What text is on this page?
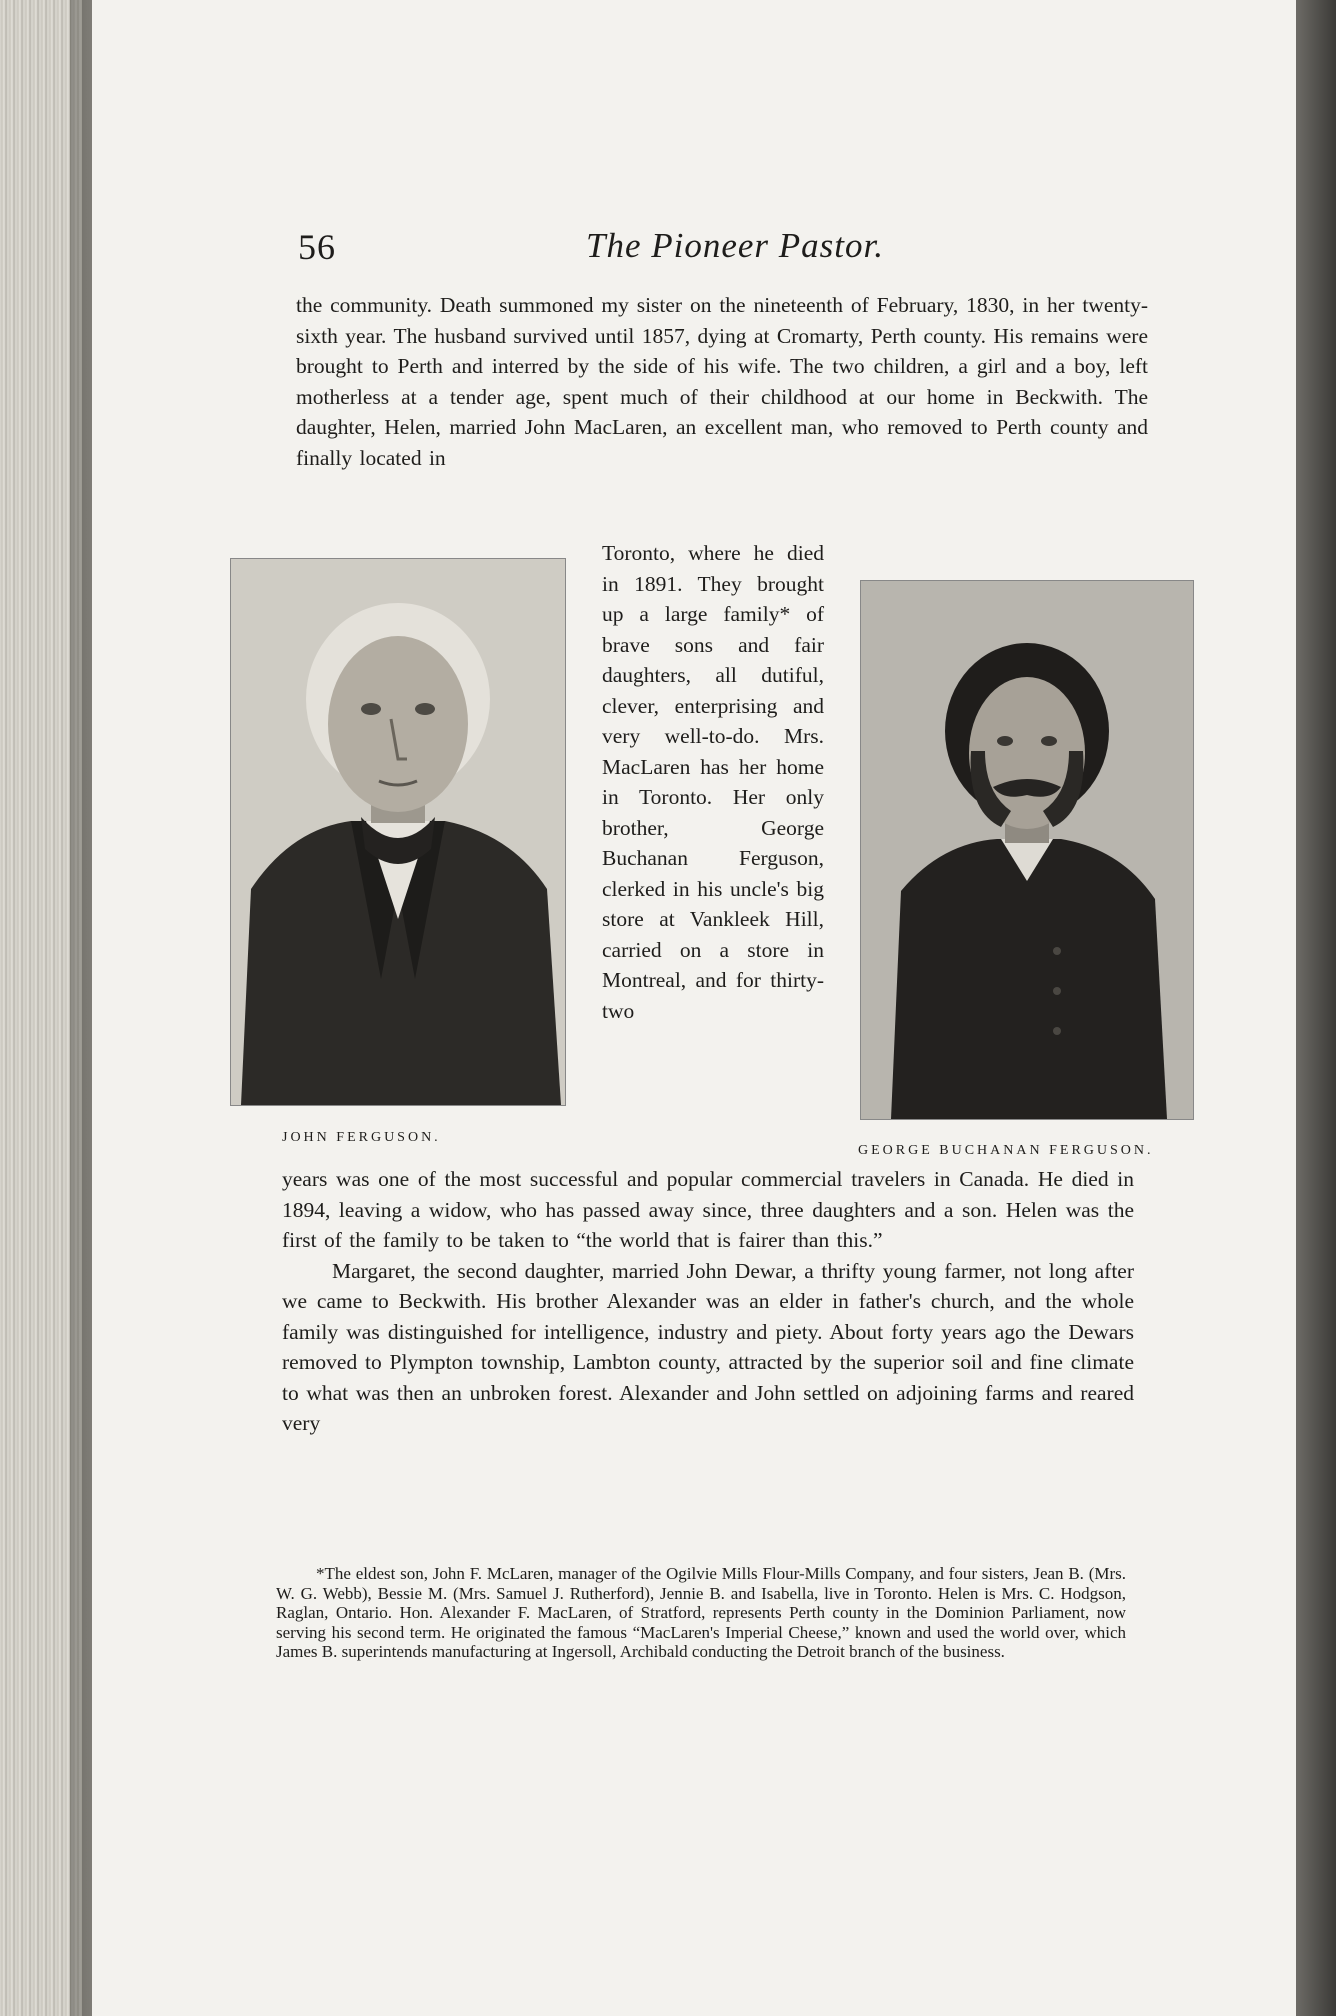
56	The Pioneer Pastor.

the community. Death summoned my sister on the nineteenth of February, 1830, in her twenty-sixth year. The husband survived until 1857, dying at Cromarty, Perth county. His remains were brought to Perth and interred by the side of his wife. The two children, a girl and a boy, left motherless at a tender age, spent much of their childhood at our home in Beckwith. The daughter, Helen, married John MacLaren, an excellent man, who removed to Perth county and finally located in

Toronto, where he died in 1891. They brought up a large family* of brave sons and fair daughters, all dutiful, clever, enterprising and very well-to-do. Mrs. MacLaren has her home in Toronto. Her only brother, George Buchanan Ferguson, clerked in his uncle's big store at Vankleek Hill, carried on a store in Montreal, and for thirty-two

JOHN FERGUSON.
GEORGE BUCHANAN FERGUSON.

years was one of the most successful and popular commercial travelers in Canada. He died in 1894, leaving a widow, who has passed away since, three daughters and a son. Helen was the first of the family to be taken to “the world that is fairer than this.”

Margaret, the second daughter, married John Dewar, a thrifty young farmer, not long after we came to Beckwith. His brother Alexander was an elder in father's church, and the whole family was distinguished for intelligence, industry and piety. About forty years ago the Dewars removed to Plympton township, Lambton county, attracted by the superior soil and fine climate to what was then an unbroken forest. Alexander and John settled on adjoining farms and reared very

*The eldest son, John F. McLaren, manager of the Ogilvie Mills Flour-Mills Company, and four sisters, Jean B. (Mrs. W. G. Webb), Bessie M. (Mrs. Samuel J. Rutherford), Jennie B. and Isabella, live in Toronto. Helen is Mrs. C. Hodgson, Raglan, Ontario. Hon. Alexander F. MacLaren, of Stratford, represents Perth county in the Dominion Parliament, now serving his second term. He originated the famous “MacLaren's Imperial Cheese,” known and used the world over, which James B. superintends manufacturing at Ingersoll, Archibald conducting the Detroit branch of the business.
